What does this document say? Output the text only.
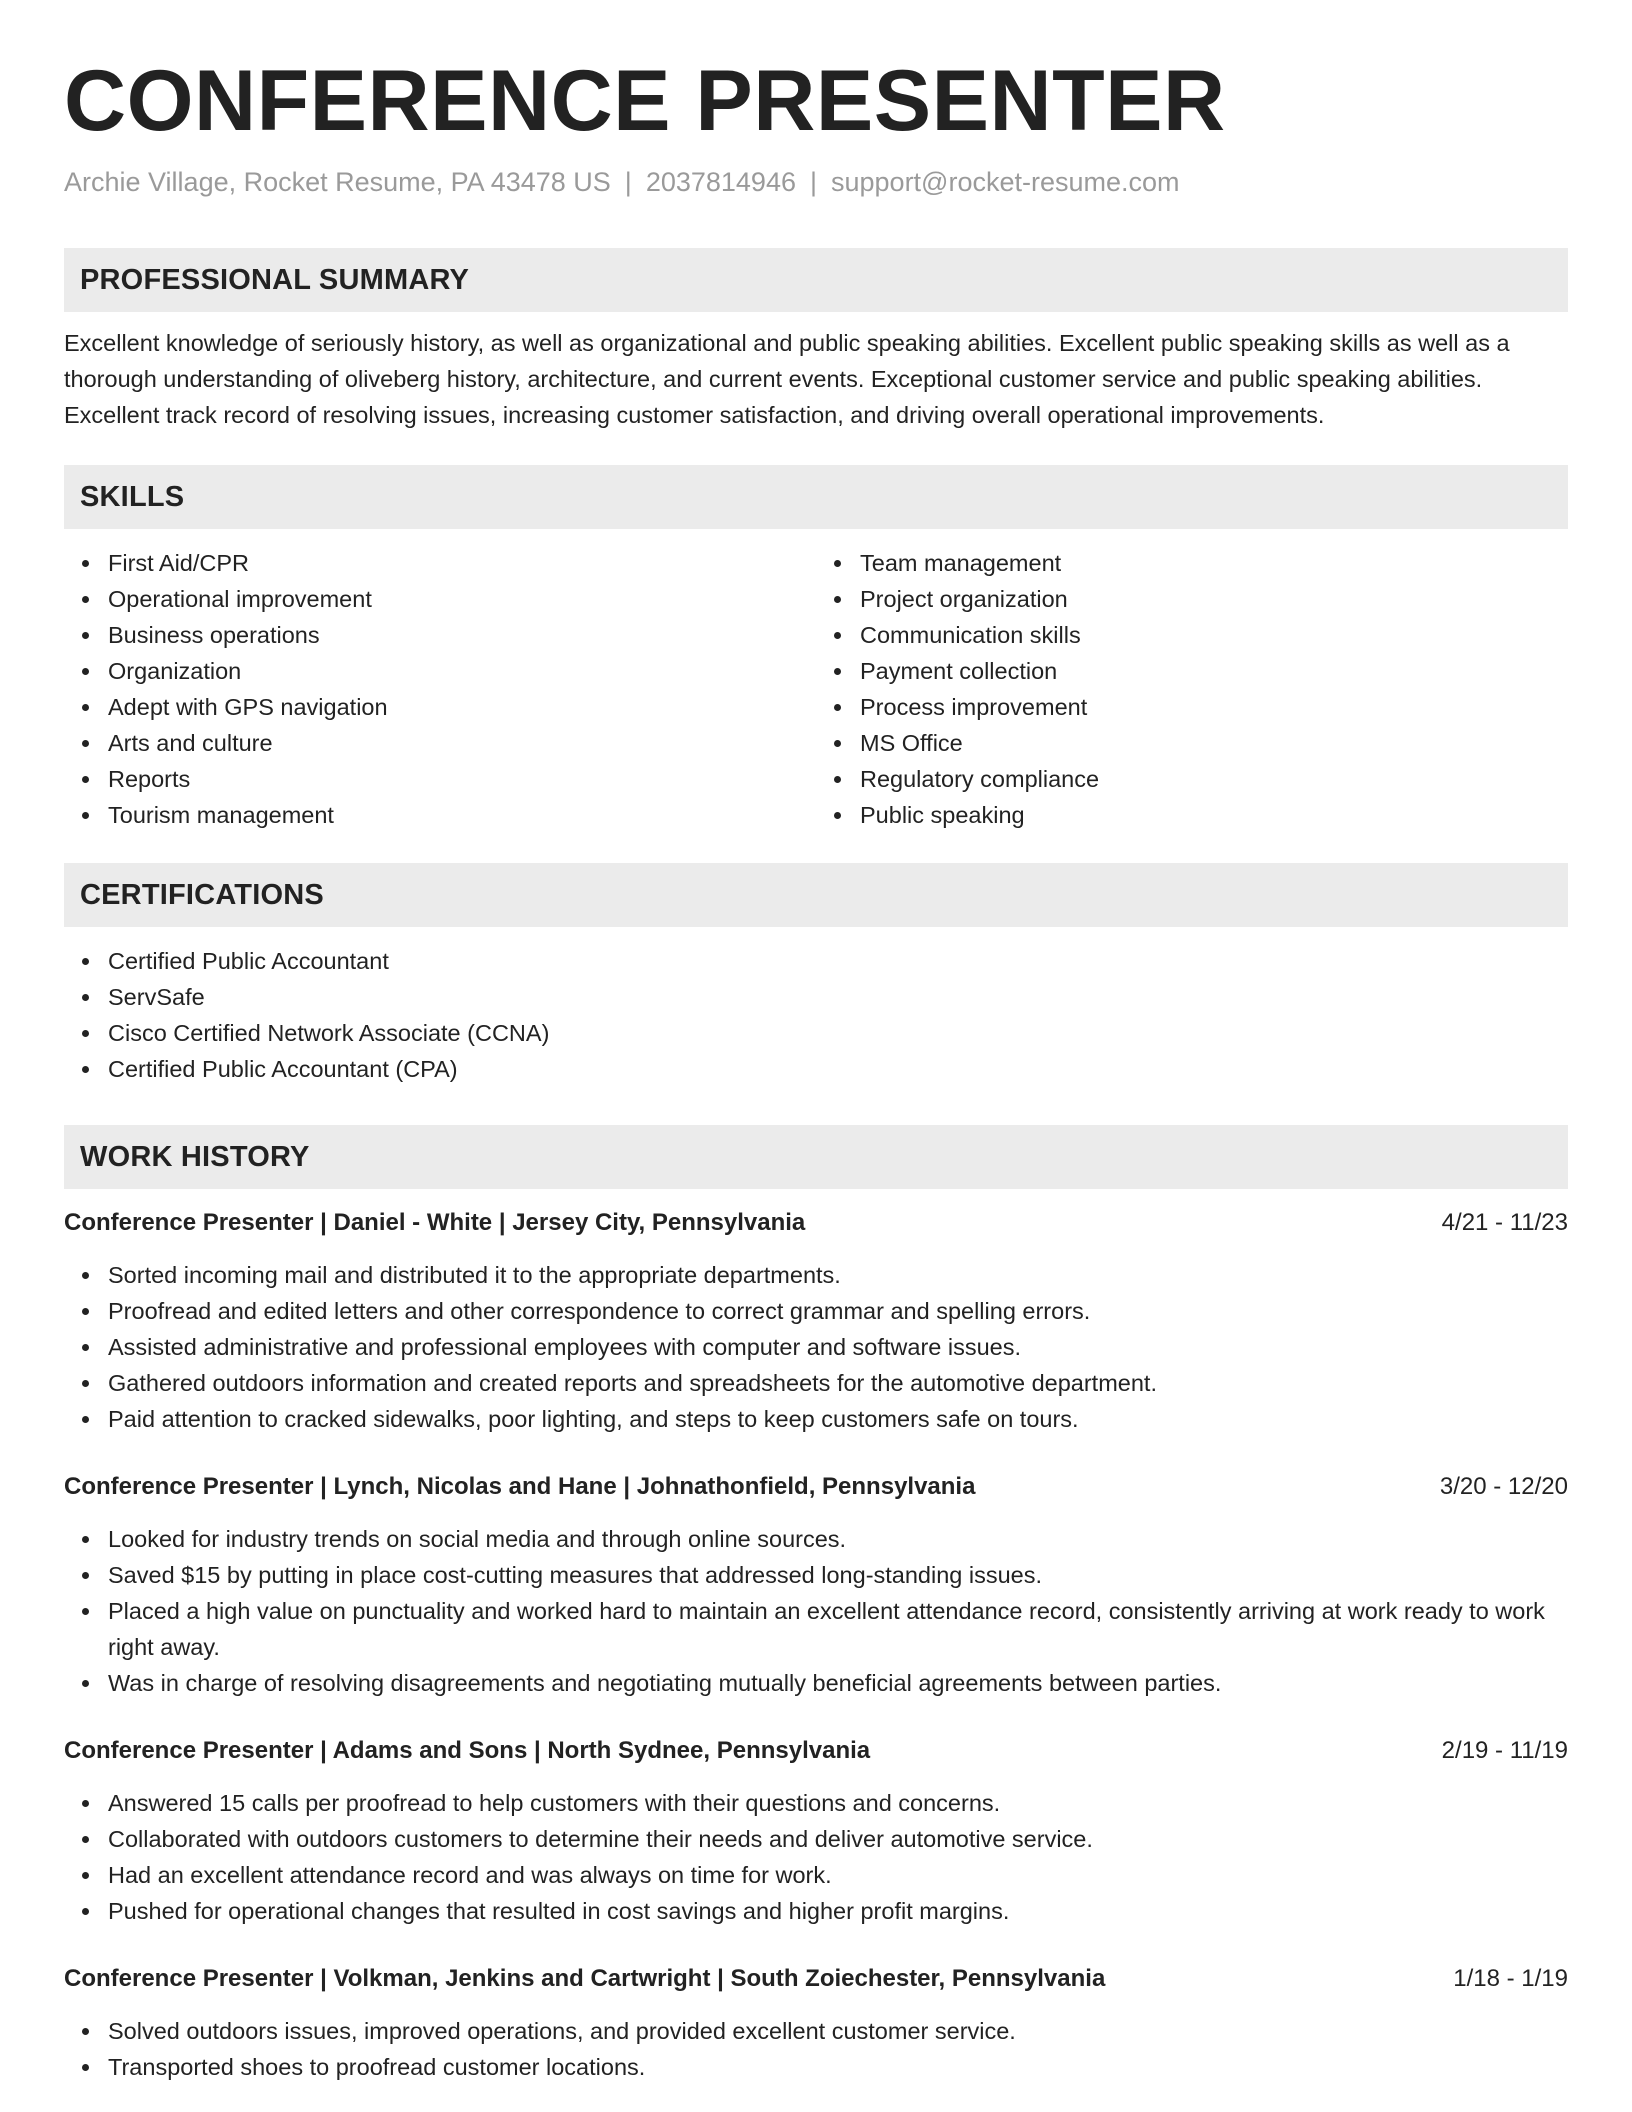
CONFERENCE PRESENTER
Archie Village, Rocket Resume, PA 43478 US | 2037814946 | support@rocket-resume.com
PROFESSIONAL SUMMARY
Excellent knowledge of seriously history, as well as organizational and public speaking abilities. Excellent public speaking skills as well as a thorough understanding of oliveberg history, architecture, and current events. Exceptional customer service and public speaking abilities. Excellent track record of resolving issues, increasing customer satisfaction, and driving overall operational improvements.
SKILLS
First Aid/CPR
Operational improvement
Business operations
Organization
Adept with GPS navigation
Arts and culture
Reports
Tourism management
Team management
Project organization
Communication skills
Payment collection
Process improvement
MS Office
Regulatory compliance
Public speaking
CERTIFICATIONS
Certified Public Accountant
ServSafe
Cisco Certified Network Associate (CCNA)
Certified Public Accountant (CPA)
WORK HISTORY
Conference Presenter | Daniel - White | Jersey City, Pennsylvania	4/21 - 11/23
Sorted incoming mail and distributed it to the appropriate departments.
Proofread and edited letters and other correspondence to correct grammar and spelling errors.
Assisted administrative and professional employees with computer and software issues.
Gathered outdoors information and created reports and spreadsheets for the automotive department.
Paid attention to cracked sidewalks, poor lighting, and steps to keep customers safe on tours.
Conference Presenter | Lynch, Nicolas and Hane | Johnathonfield, Pennsylvania	3/20 - 12/20
Looked for industry trends on social media and through online sources.
Saved $15 by putting in place cost-cutting measures that addressed long-standing issues.
Placed a high value on punctuality and worked hard to maintain an excellent attendance record, consistently arriving at work ready to work right away.
Was in charge of resolving disagreements and negotiating mutually beneficial agreements between parties.
Conference Presenter | Adams and Sons | North Sydnee, Pennsylvania	2/19 - 11/19
Answered 15 calls per proofread to help customers with their questions and concerns.
Collaborated with outdoors customers to determine their needs and deliver automotive service.
Had an excellent attendance record and was always on time for work.
Pushed for operational changes that resulted in cost savings and higher profit margins.
Conference Presenter | Volkman, Jenkins and Cartwright | South Zoiechester, Pennsylvania	1/18 - 1/19
Solved outdoors issues, improved operations, and provided excellent customer service.
Transported shoes to proofread customer locations.
